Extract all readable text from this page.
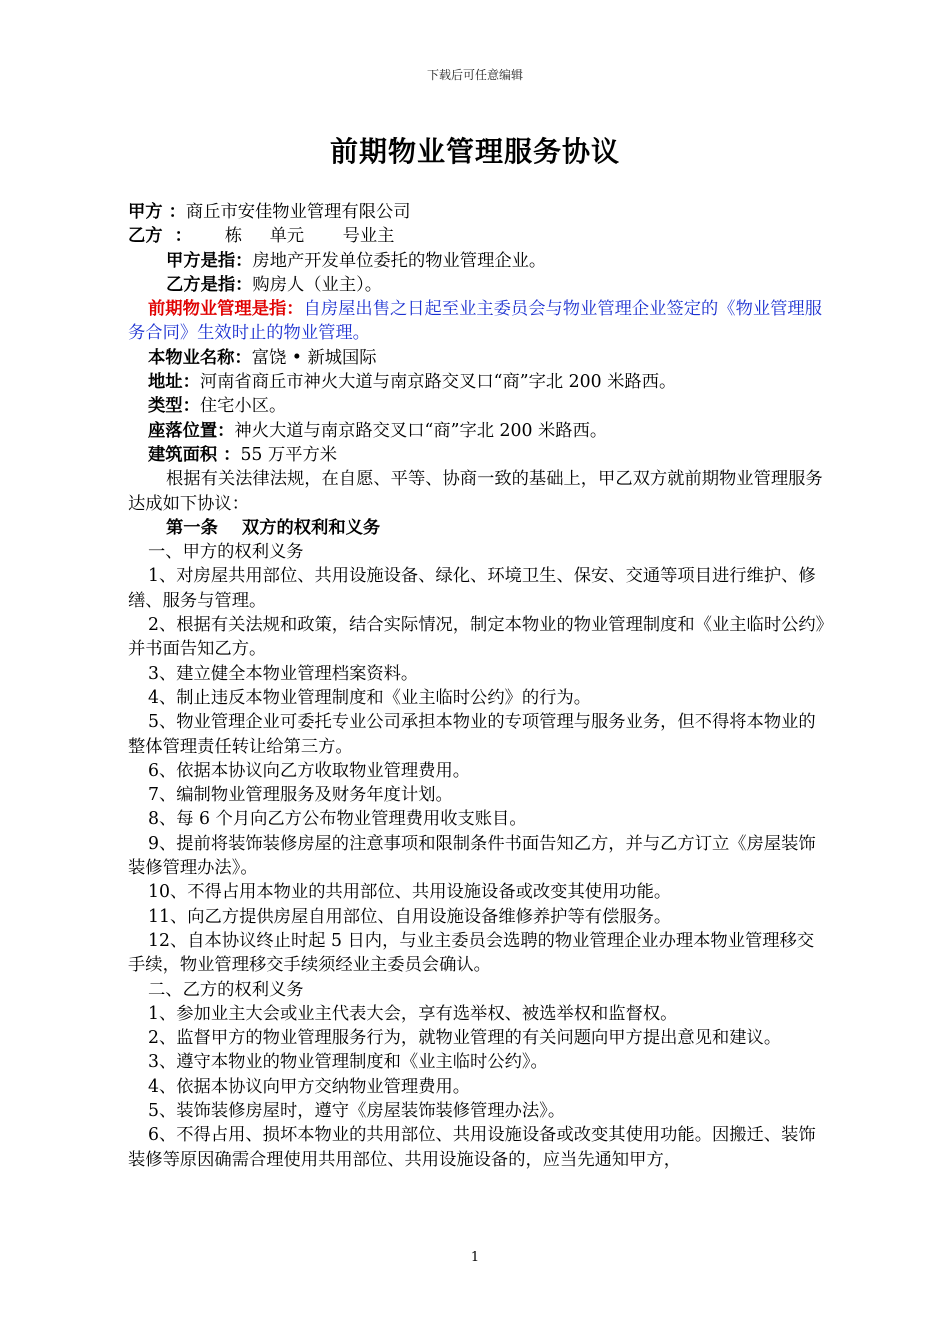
下载后可任意编辑
前期物业管理服务协议

甲方 ：商丘市安佳物业管理有限公司

乙方  ：      栋     单元       号业主

甲方是指：房地产开发单位委托的物业管理企业。

乙方是指：购房人（业主）。

前期物业管理是指：自房屋出售之日起至业主委员会与物业管理企业签定的《物业管理服务合同》生效时止的物业管理。

本物业名称：富饶 • 新城国际

地址：河南省商丘市神火大道与南京路交叉口“商”字北 200 米路西。

类型：住宅小区。

座落位置：神火大道与南京路交叉口“商”字北 200 米路西。

建筑面积 ：55 万平方米

根据有关法律法规，在自愿、平等、协商一致的基础上，甲乙双方就前期物业管理服务达成如下协议：

第一条    双方的权利和义务

一、甲方的权利义务

1、对房屋共用部位、共用设施设备、绿化、环境卫生、保安、交通等项目进行维护、修缮、服务与管理。

2、根据有关法规和政策，结合实际情况，制定本物业的物业管理制度和《业主临时公约》并书面告知乙方。

3、建立健全本物业管理档案资料。

4、制止违反本物业管理制度和《业主临时公约》的行为。

5、物业管理企业可委托专业公司承担本物业的专项管理与服务业务，但不得将本物业的整体管理责任转让给第三方。

6、依据本协议向乙方收取物业管理费用。

7、编制物业管理服务及财务年度计划。

8、每 6 个月向乙方公布物业管理费用收支账目。

9、提前将装饰装修房屋的注意事项和限制条件书面告知乙方，并与乙方订立《房屋装饰装修管理办法》。

10、不得占用本物业的共用部位、共用设施设备或改变其使用功能。

11、向乙方提供房屋自用部位、自用设施设备维修养护等有偿服务。

12、自本协议终止时起 5 日内，与业主委员会选聘的物业管理企业办理本物业管理移交手续，物业管理移交手续须经业主委员会确认。

二、乙方的权利义务

1、参加业主大会或业主代表大会，享有选举权、被选举权和监督权。

2、监督甲方的物业管理服务行为，就物业管理的有关问题向甲方提出意见和建议。

3、遵守本物业的物业管理制度和《业主临时公约》。

4、依据本协议向甲方交纳物业管理费用。

5、装饰装修房屋时，遵守《房屋装饰装修管理办法》。

6、不得占用、损坏本物业的共用部位、共用设施设备或改变其使用功能。因搬迁、装饰装修等原因确需合理使用共用部位、共用设施设备的，应当先通知甲方，

1
